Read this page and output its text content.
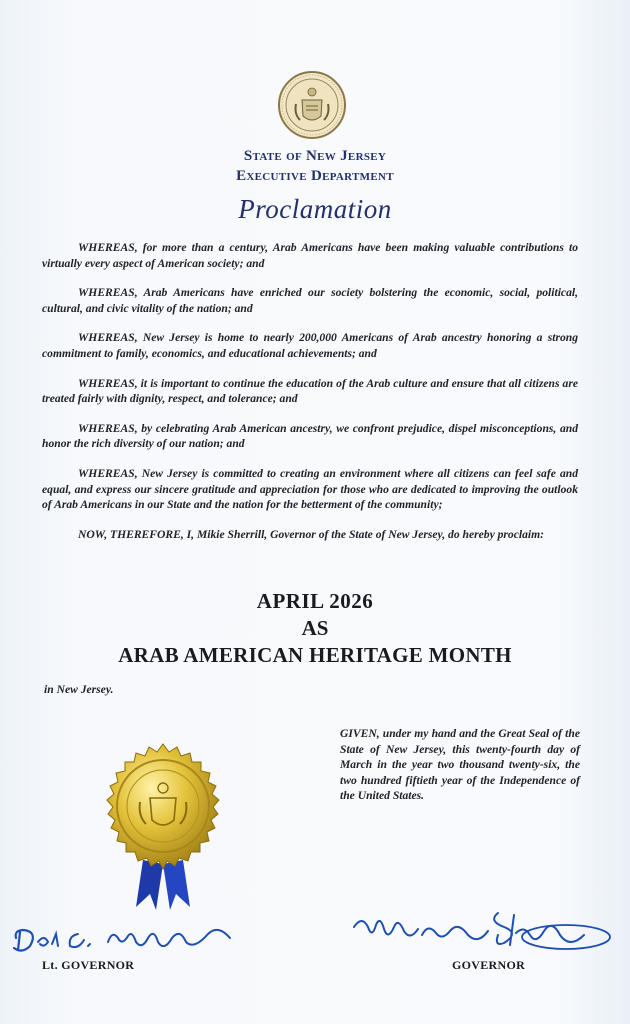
State of New Jersey
Executive Department
Proclamation

WHEREAS, for more than a century, Arab Americans have been making valuable contributions to virtually every aspect of American society; and

WHEREAS, Arab Americans have enriched our society bolstering the economic, social, political, cultural, and civic vitality of the nation; and

WHEREAS, New Jersey is home to nearly 200,000 Americans of Arab ancestry honoring a strong commitment to family, economics, and educational achievements; and

WHEREAS, it is important to continue the education of the Arab culture and ensure that all citizens are treated fairly with dignity, respect, and tolerance; and

WHEREAS, by celebrating Arab American ancestry, we confront prejudice, dispel misconceptions, and honor the rich diversity of our nation; and

WHEREAS, New Jersey is committed to creating an environment where all citizens can feel safe and equal, and express our sincere gratitude and appreciation for those who are dedicated to improving the outlook of Arab Americans in our State and the nation for the betterment of the community;

NOW, THEREFORE, I, Mikie Sherrill, Governor of the State of New Jersey, do hereby proclaim:

APRIL 2026
AS
ARAB AMERICAN HERITAGE MONTH
in New Jersey.
GIVEN, under my hand and the Great Seal of the State of New Jersey, this twenty-fourth day of March in the year two thousand twenty-six, the two hundred fiftieth year of the Independence of the United States.
Lt. GOVERNOR	GOVERNOR
